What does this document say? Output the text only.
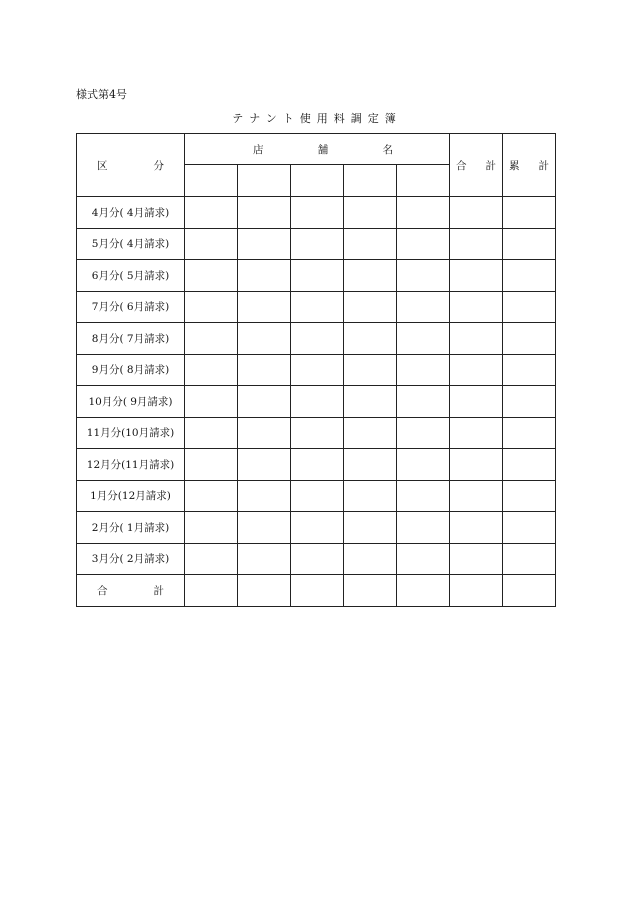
様式第4号
テナント使用料調定簿
区 分	店 舗 名					合 計	累 計

4月分( 4月請求)							
5月分( 4月請求)							
6月分( 5月請求)							
7月分( 6月請求)							
8月分( 7月請求)							
9月分( 8月請求)							
10月分( 9月請求)							
11月分(10月請求)							
12月分(11月請求)							
1月分(12月請求)							
2月分( 1月請求)							
3月分( 2月請求)							

合 計							
